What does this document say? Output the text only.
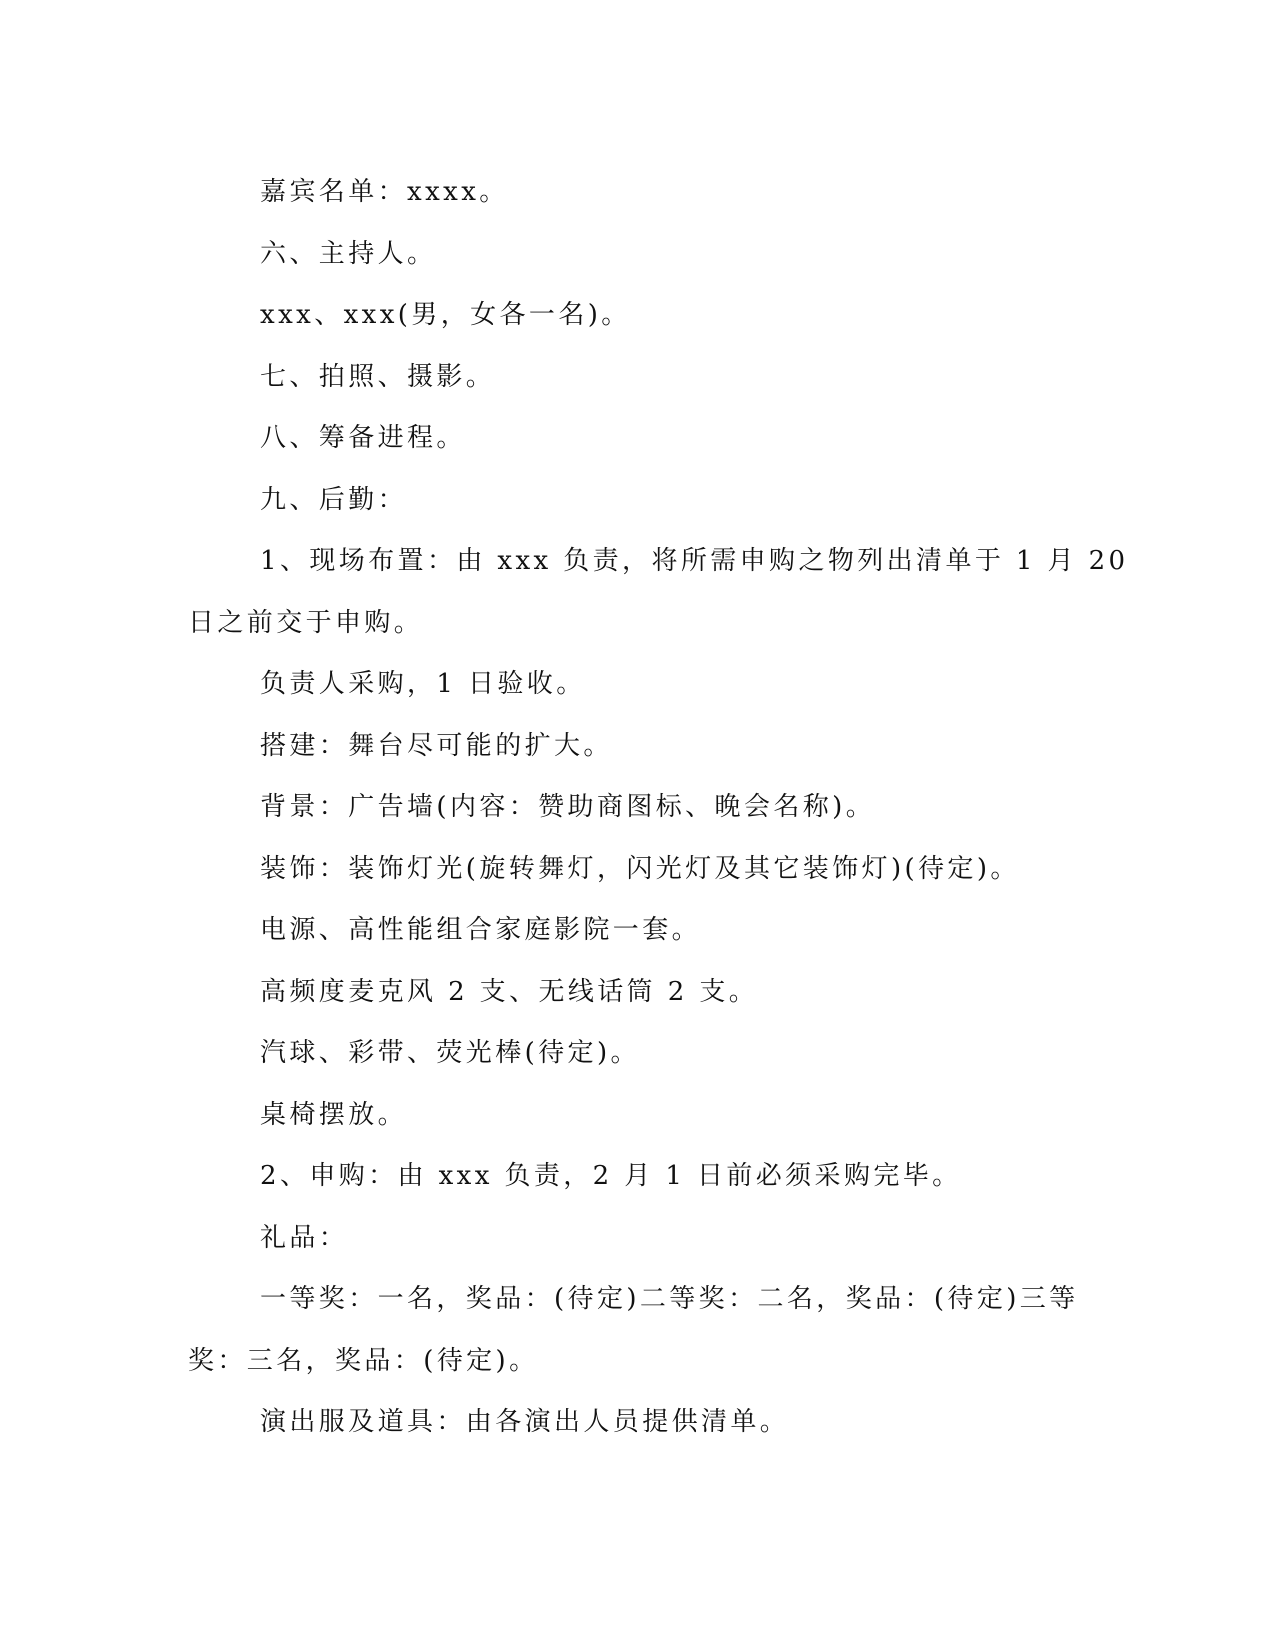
嘉宾名单：xxxx。
六、主持人。
xxx、xxx(男，女各一名)。
七、拍照、摄影。
八、筹备进程。
九、后勤：
1、现场布置：由 xxx 负责，将所需申购之物列出清单于 1 月 20
日之前交于申购。
负责人采购，1 日验收。
搭建：舞台尽可能的扩大。
背景：广告墙(内容：赞助商图标、晚会名称)。
装饰：装饰灯光(旋转舞灯，闪光灯及其它装饰灯)(待定)。
电源、高性能组合家庭影院一套。
高频度麦克风 2 支、无线话筒 2 支。
汽球、彩带、荧光棒(待定)。
桌椅摆放。
2、申购：由 xxx 负责，2 月 1 日前必须采购完毕。
礼品：
一等奖：一名，奖品：(待定)二等奖：二名，奖品：(待定)三等
奖：三名，奖品：(待定)。
演出服及道具：由各演出人员提供清单。
